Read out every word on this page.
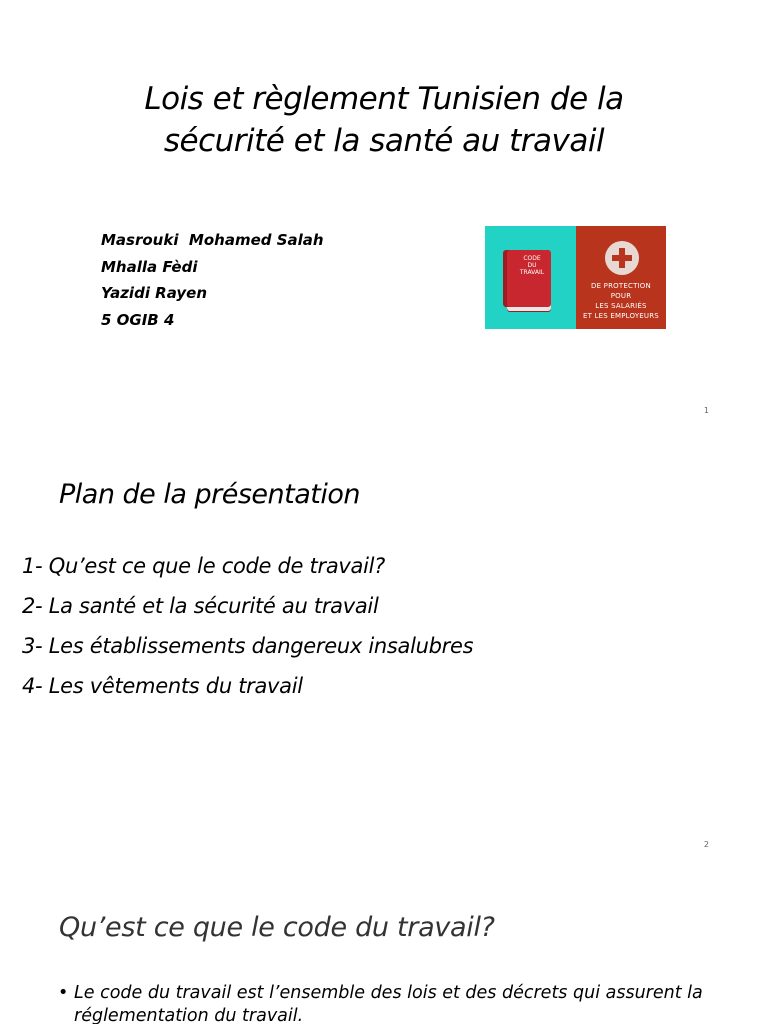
Lois et règlement Tunisien de la
sécurité et la santé au travail
Masrouki  Mohamed Salah
Mhalla Fèdi
Yazidi Rayen
5 OGIB 4
CODE
DU
TRAVAIL
DE PROTECTION
POUR
LES SALARIÉS
ET LES EMPLOYEURS
1
Plan de la présentation
1- Qu’est ce que le code de travail?
2- La santé et la sécurité au travail
3- Les établissements dangereux insalubres
4- Les vêtements du travail
2
Qu’est ce que le code du travail?
• Le code du travail est l’ensemble des lois et des décrets qui assurent la réglementation du travail.
